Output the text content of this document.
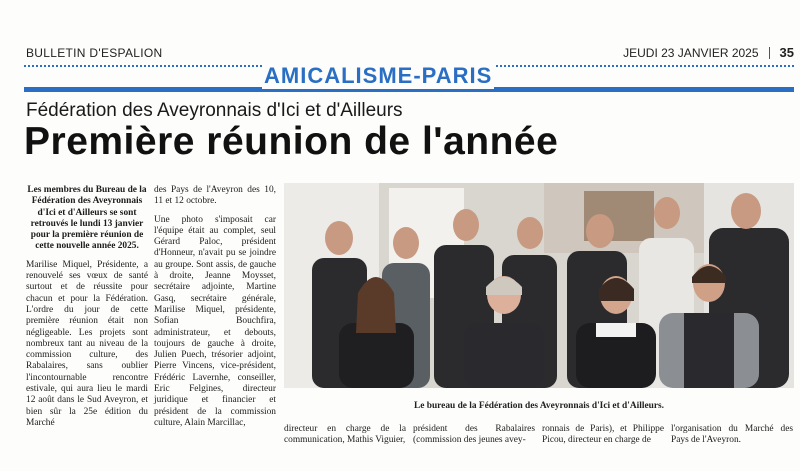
BULLETIN D'ESPALION	JEUDI 23 JANVIER 2025 35
AMICALISME-PARIS
Fédération des Aveyronnais d'Ici et d'Ailleurs
Première réunion de l'année

Les membres du Bureau de la Fédération des Aveyronnais d'Ici et d'Ailleurs se sont retrouvés le lundi 13 janvier pour la première réunion de cette nouvelle année 2025.

Marilise Miquel, Présidente, a renouvelé ses vœux de santé surtout et de réussite pour chacun et pour la Fédération. L'ordre du jour de cette première réunion était non négligeable. Les projets sont nombreux tant au niveau de la commission culture, des Rabalaires, sans oublier l'incontournable rencontre estivale, qui aura lieu le mardi 12 août dans le Sud Aveyron, et bien sûr la 25e édition du Marché

des Pays de l'Aveyron des 10, 11 et 12 octobre.

Une photo s'imposait car l'équipe était au complet, seul Gérard Paloc, président d'Honneur, n'avait pu se joindre au groupe. Sont assis, de gauche à droite, Jeanne Moysset, secrétaire adjointe, Martine Gasq, secrétaire générale, Marilise Miquel, présidente, Sofian Bouchfira, administrateur, et debouts, toujours de gauche à droite, Julien Puech, trésorier adjoint, Pierre Vincens, vice-président, Frédéric Lavernhe, conseiller, Eric Felgines, directeur juridique et financier et président de la commission culture, Alain Marcillac,

Le bureau de la Fédération des Aveyronnais d'Ici et d'Ailleurs.
directeur en charge de la communication, Mathis Viguier,
président des Rabalaires (commission des jeunes avey-
ronnais de Paris), et Philippe Picou, directeur en charge de
l'organisation du Marché des Pays de l'Aveyron.
